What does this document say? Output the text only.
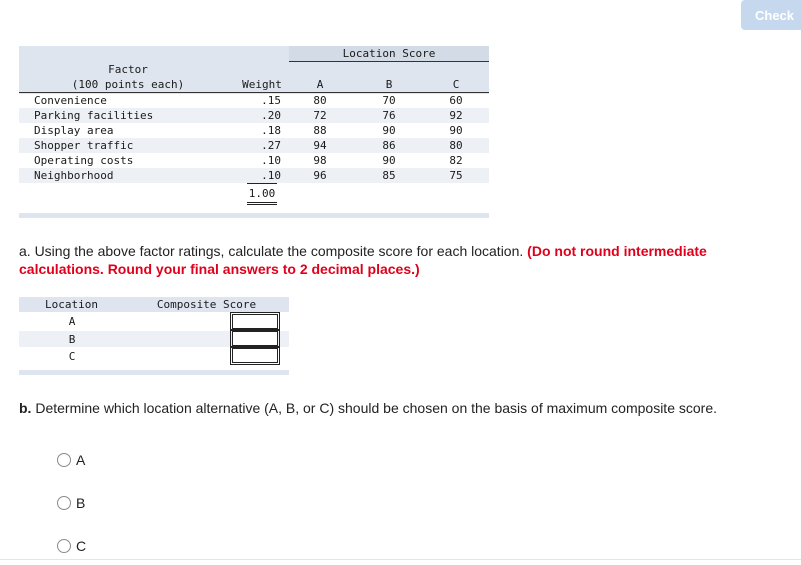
Check
Location Score
Factor
(100 points each)	Weight	A	B	C
Convenience	.15	80	70	60
Parking facilities	.20	72	76	92
Display area	.18	88	90	90
Shopper traffic	.27	94	86	80
Operating costs	.10	98	90	82
Neighborhood	.10	96	85	75
1.00
a. Using the above factor ratings, calculate the composite score for each location. (Do not round intermediate calculations. Round your final answers to 2 decimal places.)
Location	Composite Score
A
B
C
b. Determine which location alternative (A, B, or C) should be chosen on the basis of maximum composite score.
A
B
C
